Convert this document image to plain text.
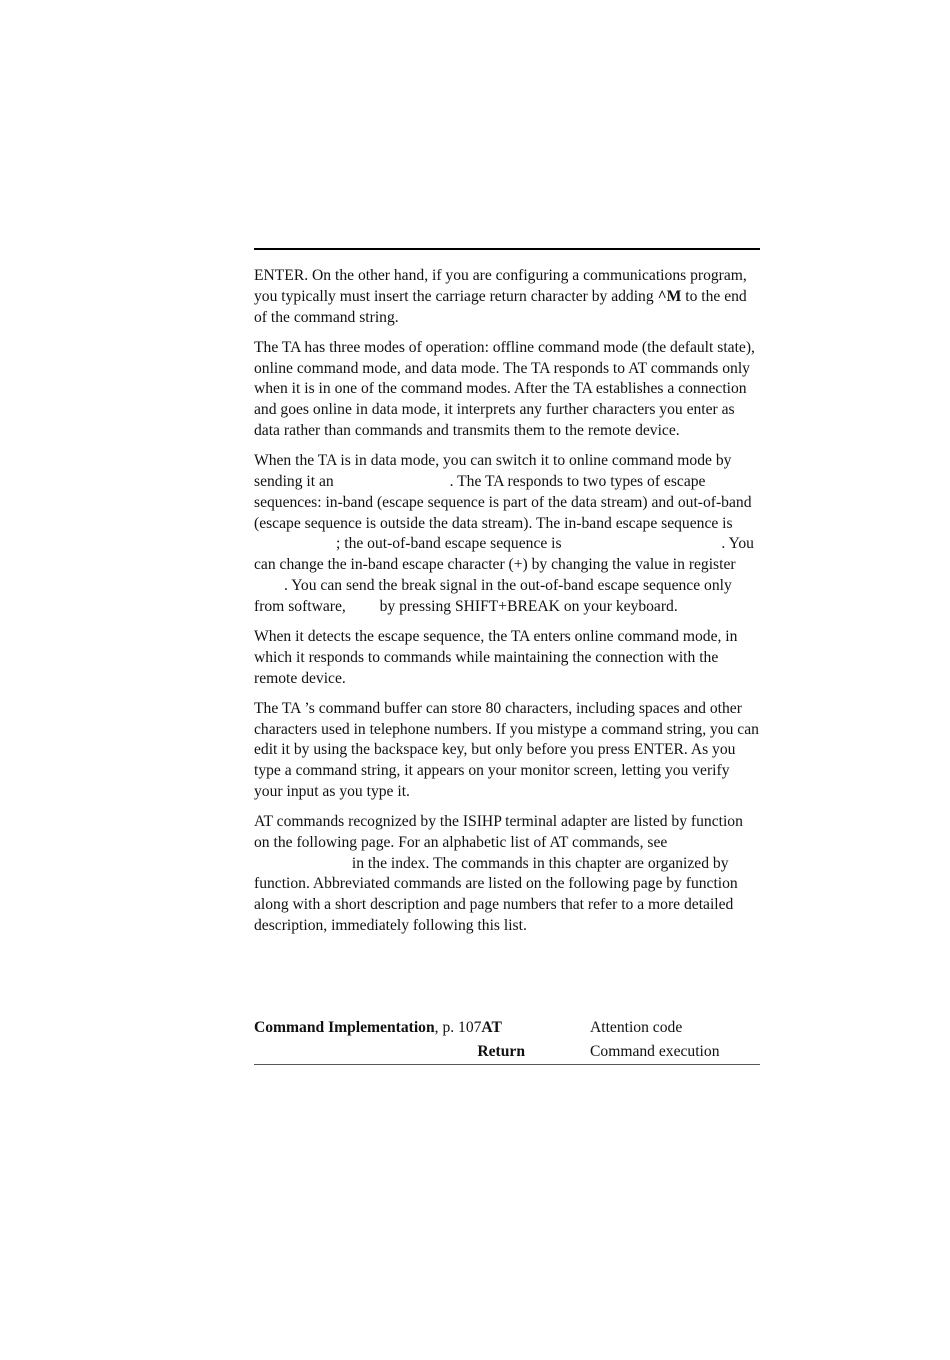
ENTER. On the other hand, if you are configuring a communications program, you typically must insert the carriage return character by adding ^M to the end of the command string.

The TA has three modes of operation: offline command mode (the default state), online command mode, and data mode. The TA responds to AT commands only when it is in one of the command modes. After the TA establishes a connection and goes online in data mode, it interprets any further characters you enter as data rather than commands and transmits them to the remote device.

When the TA is in data mode, you can switch it to online command mode by sending it an	. The TA responds to two types of escape sequences: in-band (escape sequence is part of the data stream) and out-of-band (escape sequence is outside the data stream). The in-band escape sequence is ; the out-of-band escape sequence is	. You can change the in-band escape character (+) by changing the value in register . You can send the break signal in the out-of-band escape sequence only from software, by pressing SHIFT+BREAK on your keyboard.

When it detects the escape sequence, the TA enters online command mode, in which it responds to commands while maintaining the connection with the remote device.

The TA ’s command buffer can store 80 characters, including spaces and other characters used in telephone numbers. If you mistype a command string, you can edit it by using the backspace key, but only before you press ENTER. As you type a command string, it appears on your monitor screen, letting you verify your input as you type it.

AT commands recognized by the ISIHP terminal adapter are listed by function on the following page. For an alphabetic list of AT commands, see  in the index. The commands in this chapter are organized by function. Abbreviated commands are listed on the following page by function along with a short description and page numbers that refer to a more detailed description, immediately following this list.

Command Implementation, p. 107AT	Attention code
Return	Command execution
